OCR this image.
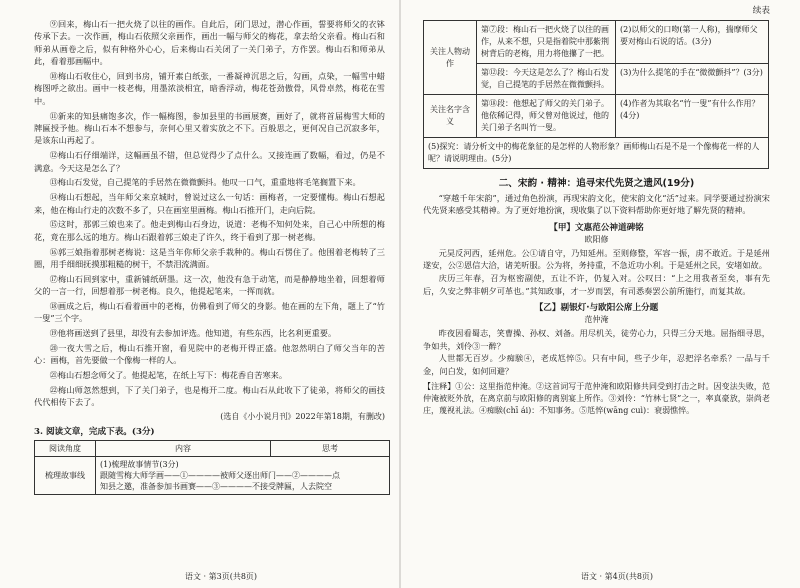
⑨回来，梅山石一把火烧了以往的画作。自此后，闭门思过，潜心作画，誓要将师父的衣钵传承下去。一次作画，梅山石依照父亲画作，画出一幅与师父的梅花，拿去给父亲看。梅山石和师弟从画卷之后，似有种格外心心，后来梅山石关闭了一关门弟子，方作罢。梅山石和师弟从此，看着那画幅中。

⑩梅山石收住心，回到书房，铺开素白纸张，一番凝神沉思之后，勾画，点染，一幅雪中蜡梅图呼之欲出。画中一枝老梅，用墨浓淡相宜，暗香浮动，梅花苍劲傲骨，风骨卓然，梅花在雪中。

⑪新来的知县痛饱多次，作一幅梅图，参加县里的书画展赛，画好了，就将首届梅雪大师的牌匾授予他。梅山石本不想参与，奈何心里又着实放之不下。百般思之，更何况自己沉寂多年，是该东山再起了。

⑫梅山石仔细端详，这幅画虽不错，但总觉得少了点什么。又接连画了数幅，看过，仍是不满意。今天这是怎么了？

⑬梅山石发觉，自己提笔的手居然在微微颤抖。他叹一口气，重重地将毛笔搁置下来。

⑭梅山石想起，当年师父来京城时，曾说过这么一句话：画梅者，一定要懂梅。梅山石想起来，他在梅山行走的次数不多了，只在画室里画梅。梅山石推开门，走向后院。

⑮这时，那郭三娘也来了。他走到梅山石身边，说道：老梅不知何处来，自己心中所想的梅花，竟在那么远的地方。梅山石跟着郭三娘走了许久，终于看到了那一树老梅。

⑯郭三娘指着那树老梅说：这是当年你师父亲手栽种的。梅山石愣住了。他围着老梅转了三圈，用手细细抚摸那粗糙的树干，不禁泪流满面。

⑰梅山石回到家中，重新铺纸研墨。这一次，他没有急于动笔，而是静静地坐着，回想着师父的一言一行，回想着那一树老梅。良久，他提起笔来，一挥而就。

⑱画成之后，梅山石看着画中的老梅，仿佛看到了师父的身影。他在画的左下角，题上了“竹一叟”三个字。

⑲他将画送到了县里，却没有去参加评选。他知道，有些东西，比名利更重要。

⑳一夜大雪之后，梅山石推开窗，看见院中的老梅开得正盛。他忽然明白了师父当年的苦心：画梅，首先要做一个像梅一样的人。

㉑梅山石想念师父了。他提起笔，在纸上写下：梅花香自苦寒来。

㉒梅山师忽然想到，下了关门弟子，也是梅开二度。梅山石从此收下了徒弟，将师父的画技代代相传下去了。

(选自《小小说月刊》2022年第18期，有删改)
3. 阅读文章，完成下表。(3分)
阅读角度	内容	思考
梳理故事线	(1)梳理故事情节(3分)
跟随雪梅大师学画——①————被师父逐出师门——②————点
知县之邀，准备参加书画赛——③————不接受牌匾，人去院空	
语文 · 第3页(共8页)
续表
关注人物动作	第⑦段：梅山石一把火烧了以往的画作，从来不想，只是指着院中那紫荆树背后的老梅，用力将他攥了一把。	(2)以师父的口吻(第一人称)，揣摩师父要对梅山石说的话。(3分)
	第⑫段：今天这是怎么了？梅山石发觉，自己提笔的手居然在微微颤抖。	(3)为什么提笔的手在“微微颤抖”？(3分)
关注名字含义	第⑱段：他想起了师父的关门弟子。他依稀记得，师父曾对他说过，他的关门弟子名叫竹一叟。	(4)作者为其取名“竹一叟”有什么作用？(4分)
(5)探究：请分析文中的梅花象征的是怎样的人物形象？画师梅山石是不是一个像梅花一样的人呢？请说明理由。(5分)		
二、宋韵 · 精神：追寻宋代先贤之遗风(19分)

“穿越千年宋韵”，通过角色扮演，再现宋韵文化，使宋韵文化“活”过来。同学要通过扮演宋代先贤来感受其精神。为了更好地扮演，现收集了以下资料帮助你更好地了解先贤的精神。

【甲】文惠范公神道碑铭
欧阳修

元昊反河西，延州危。公①请自守，乃知延州。至则修整，军容一振，虏不敢近。于是延州遂安，公②恩信大洽，诸羌听服。公为将，务持重，不急近功小利。于是延州之民，安堵如故。

庆历三年春，召为枢密副使，五让不许，仍复入对。公叹曰：“上之用我者至矣，事有先后，久安之弊非朝夕可革也。”其知政事，才一岁而罢，有司悉奏罢公前所施行，而复其故。

【乙】剔银灯·与欧阳公席上分题
范仲淹

昨夜因看蜀志，笑曹操、孙权、刘备。用尽机关，徒劳心力，只得三分天地。屈指细寻思，争如共，刘伶③一醉？

人世都无百岁。少痴騃④，老成尪悴⑤。只有中间，些子少年，忍把浮名牵系？一品与千金，问白发，如何回避？

【注释】①公：这里指范仲淹。②这首词写于范仲淹和欧阳修共同受到打击之时。因变法失败，范仲淹被贬外放，在离京前与欧阳修的离别宴上所作。③刘伶：“竹林七贤”之一，率真豪放，崇尚老庄，蔑视礼法。④痴騃(chī ái)：不知事务。⑤尪悴(wāng cuì)：衰弱憔悴。

语文 · 第4页(共8页)
